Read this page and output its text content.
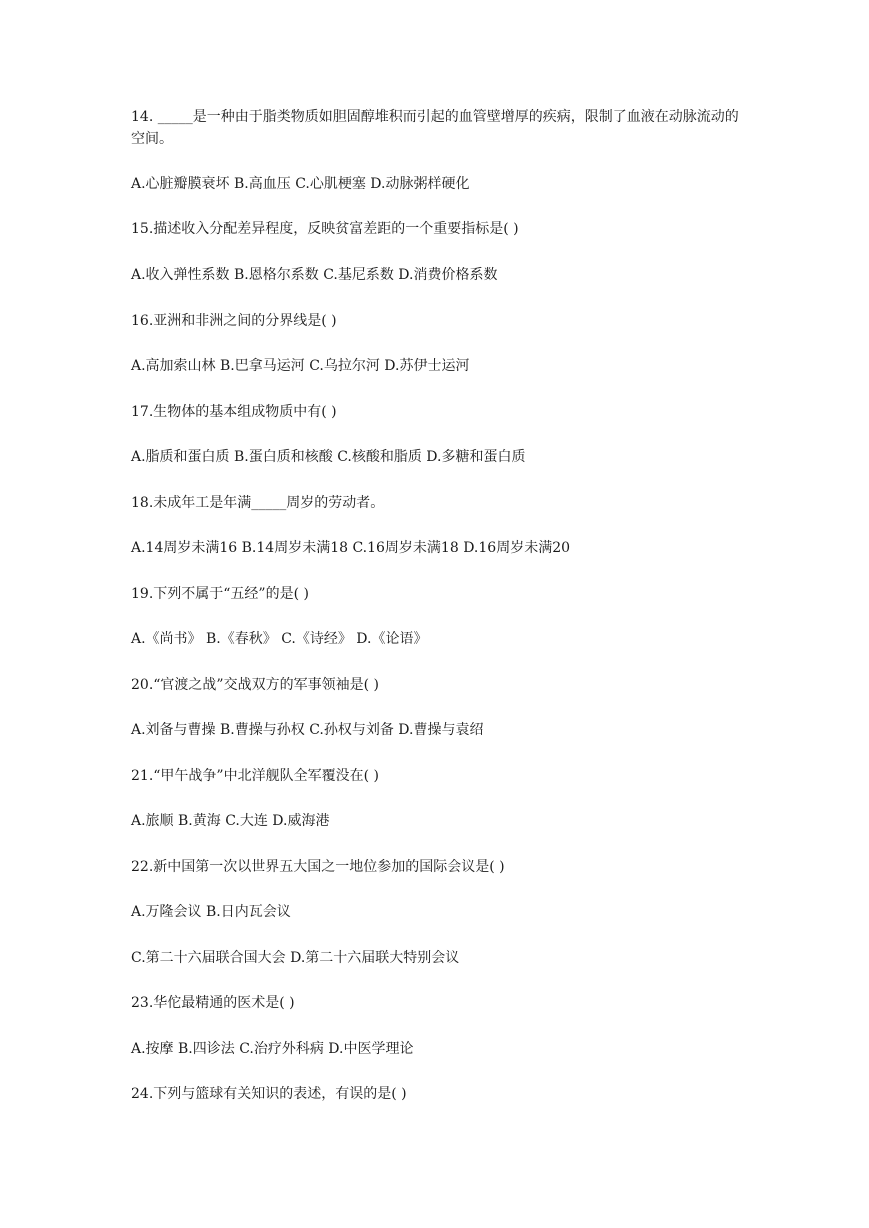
14. _____是一种由于脂类物质如胆固醇堆积而引起的血管壁增厚的疾病，限制了血液在动脉流动的空间。
A.心脏瓣膜衰坏 B.高血压 C.心肌梗塞 D.动脉粥样硬化
15.描述收入分配差异程度，反映贫富差距的一个重要指标是( )
A.收入弹性系数 B.恩格尔系数 C.基尼系数 D.消费价格系数
16.亚洲和非洲之间的分界线是( )
A.高加索山林 B.巴拿马运河 C.乌拉尔河 D.苏伊士运河
17.生物体的基本组成物质中有( )
A.脂质和蛋白质 B.蛋白质和核酸 C.核酸和脂质 D.多糖和蛋白质
18.未成年工是年满_____周岁的劳动者。
A.14周岁未满16 B.14周岁未满18 C.16周岁未满18 D.16周岁未满20
19.下列不属于“五经”的是( )
A.《尚书》 B.《春秋》 C.《诗经》 D.《论语》
20.“官渡之战”交战双方的军事领袖是( )
A.刘备与曹操 B.曹操与孙权 C.孙权与刘备 D.曹操与袁绍
21.“甲午战争”中北洋舰队全军覆没在( )
A.旅顺 B.黄海 C.大连 D.威海港
22.新中国第一次以世界五大国之一地位参加的国际会议是( )
A.万隆会议 B.日内瓦会议
C.第二十六届联合国大会 D.第二十六届联大特别会议
23.华佗最精通的医术是( )
A.按摩 B.四诊法 C.治疗外科病 D.中医学理论
24.下列与篮球有关知识的表述，有误的是( )
